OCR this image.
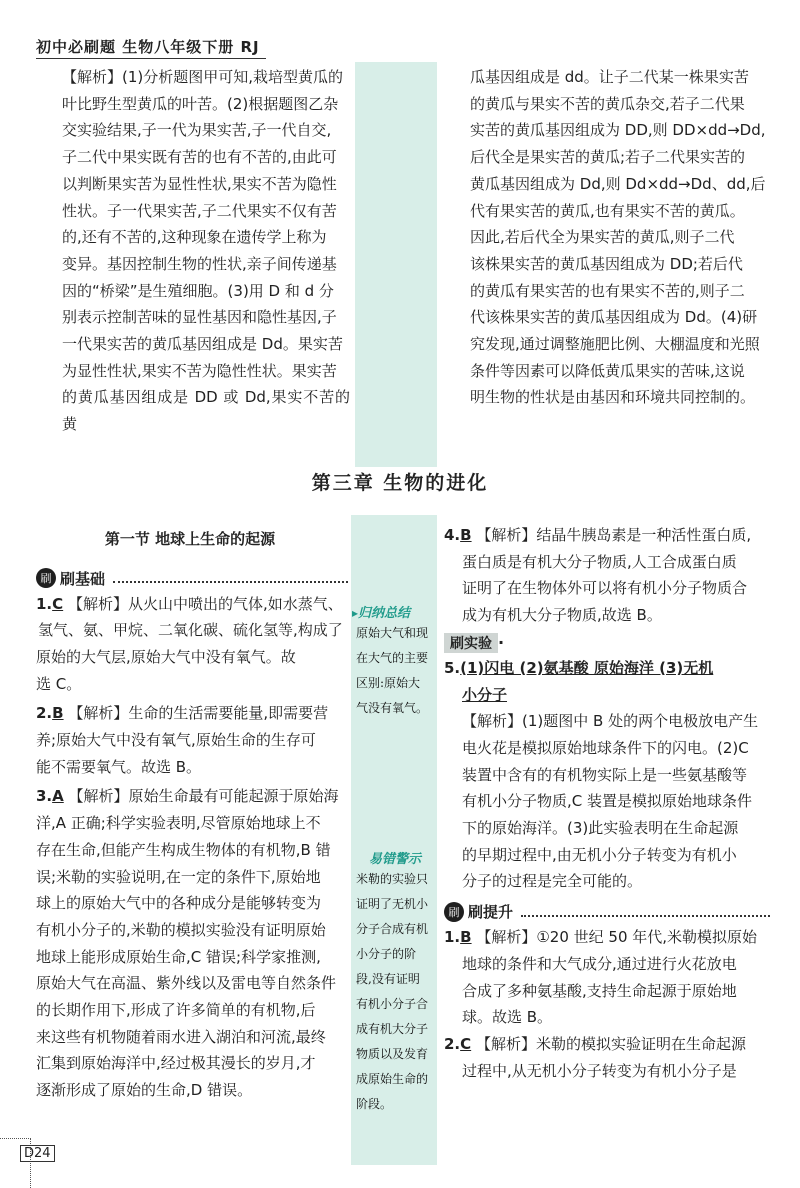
初中必刷题 生物八年级下册 RJ

【解析】(1)分析题图甲可知,栽培型黄瓜的

叶比野生型黄瓜的叶苦。(2)根据题图乙杂

交实验结果,子一代为果实苦,子一代自交,

子二代中果实既有苦的也有不苦的,由此可

以判断果实苦为显性性状,果实不苦为隐性

性状。子一代果实苦,子二代果实不仅有苦

的,还有不苦的,这种现象在遗传学上称为

变异。基因控制生物的性状,亲子间传递基

因的“桥梁”是生殖细胞。(3)用 D 和 d 分

别表示控制苦味的显性基因和隐性基因,子

一代果实苦的黄瓜基因组成是 Dd。果实苦

为显性性状,果实不苦为隐性性状。果实苦

的黄瓜基因组成是 DD 或 Dd,果实不苦的黄

瓜基因组成是 dd。让子二代某一株果实苦

的黄瓜与果实不苦的黄瓜杂交,若子二代果

实苦的黄瓜基因组成为 DD,则 DD×dd→Dd,

后代全是果实苦的黄瓜;若子二代果实苦的

黄瓜基因组成为 Dd,则 Dd×dd→Dd、dd,后

代有果实苦的黄瓜,也有果实不苦的黄瓜。

因此,若后代全为果实苦的黄瓜,则子二代

该株果实苦的黄瓜基因组成为 DD;若后代

的黄瓜有果实苦的也有果实不苦的,则子二

代该株果实苦的黄瓜基因组成为 Dd。(4)研

究发现,通过调整施肥比例、大棚温度和光照

条件等因素可以降低黄瓜果实的苦味,这说

明生物的性状是由基因和环境共同控制的。

第三章 生物的进化
第一节 地球上生命的起源
刷 刷基础

1.C 【解析】从火山中喷出的气体,如水蒸气、

氢气、氨、甲烷、二氧化碳、硫化氢等,构成了

原始的大气层,原始大气中没有氧气。故

选 C。

2.B 【解析】生命的生活需要能量,即需要营

养;原始大气中没有氧气,原始生命的生存可

能不需要氧气。故选 B。

3.A 【解析】原始生命最有可能起源于原始海

洋,A 正确;科学实验表明,尽管原始地球上不

存在生命,但能产生构成生物体的有机物,B 错

误;米勒的实验说明,在一定的条件下,原始地

球上的原始大气中的各种成分是能够转变为

有机小分子的,米勒的模拟实验没有证明原始

地球上能形成原始生命,C 错误;科学家推测,

原始大气在高温、紫外线以及雷电等自然条件

的长期作用下,形成了许多简单的有机物,后

来这些有机物随着雨水进入湖泊和河流,最终

汇集到原始海洋中,经过极其漫长的岁月,才

逐渐形成了原始的生命,D 错误。

▸归纳总结
原始大气和现
在大气的主要
区别:原始大
气没有氧气。
易错警示
米勒的实验只
证明了无机小
分子合成有机
小分子的阶
段,没有证明
有机小分子合
成有机大分子
物质以及发育
成原始生命的
阶段。

4.B 【解析】结晶牛胰岛素是一种活性蛋白质,

蛋白质是有机大分子物质,人工合成蛋白质

证明了在生物体外可以将有机小分子物质合

成为有机大分子物质,故选 B。

刷实验 ·

5.(1)闪电 (2)氨基酸 原始海洋 (3)无机

小分子

【解析】(1)题图中 B 处的两个电极放电产生

电火花是模拟原始地球条件下的闪电。(2)C

装置中含有的有机物实际上是一些氨基酸等

有机小分子物质,C 装置是模拟原始地球条件

下的原始海洋。(3)此实验表明在生命起源

的早期过程中,由无机小分子转变为有机小

分子的过程是完全可能的。

刷 刷提升

1.B 【解析】①20 世纪 50 年代,米勒模拟原始

地球的条件和大气成分,通过进行火花放电

合成了多种氨基酸,支持生命起源于原始地

球。故选 B。

2.C 【解析】米勒的模拟实验证明在生命起源

过程中,从无机小分子转变为有机小分子是

D24
